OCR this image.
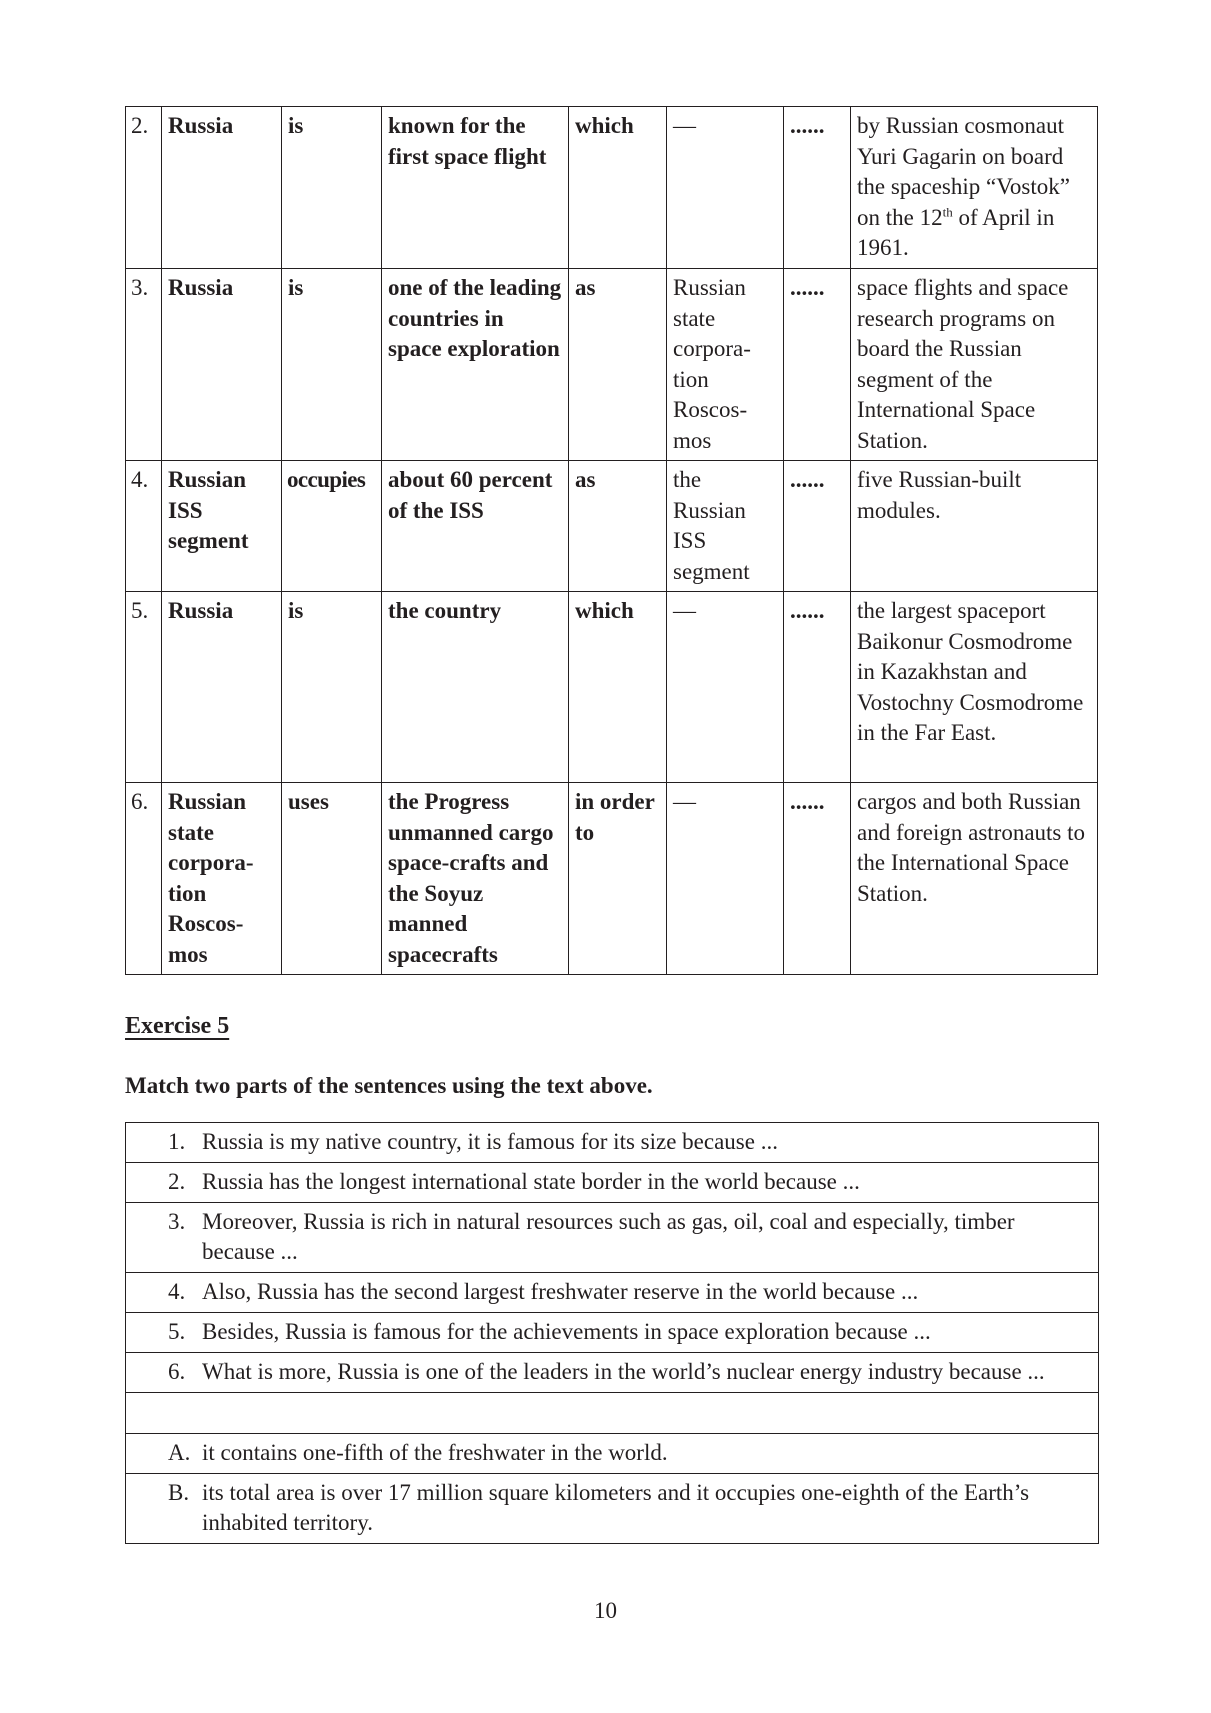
2.	Russia	is	known for the first space flight	which	—	......	by Russian cosmonaut Yuri Gagarin on board the spaceship “Vostok” on the 12th of April in 1961.
3.	Russia	is	one of the leading countries in space exploration	as	Russian state corpora-tion Roscos-mos	......	space flights and space research programs on board the Russian segment of the International Space Station.
4.	Russian ISS segment	occupies	about 60 percent of the ISS	as	the Russian ISS segment	......	five Russian-built modules.
5.	Russia	is	the country	which	—	......	the largest spaceport Baikonur Cosmodrome in Kazakhstan and Vostochny Cosmodrome in the Far East.
6.	Russian state corpora-tion Roscos-mos	uses	the Progress unmanned cargo space-crafts and the Soyuz manned spacecrafts	in order to	—	......	cargos and both Russian and foreign astronauts to the International Space Station.
Exercise 5
Match two parts of the sentences using the text above.
1. Russia is my native country, it is famous for its size because ...

2. Russia has the longest international state border in the world because ...

3. Moreover, Russia is rich in natural resources such as gas, oil, coal and especially, timber because ...

4. Also, Russia has the second largest freshwater reserve in the world because ...

5. Besides, Russia is famous for the achievements in space exploration because ...

6. What is more, Russia is one of the leaders in the world’s nuclear energy industry because ...

A. it contains one-fifth of the freshwater in the world.

B. its total area is over 17 million square kilometers and it occupies one-eighth of the Earth’s inhabited territory.
10
